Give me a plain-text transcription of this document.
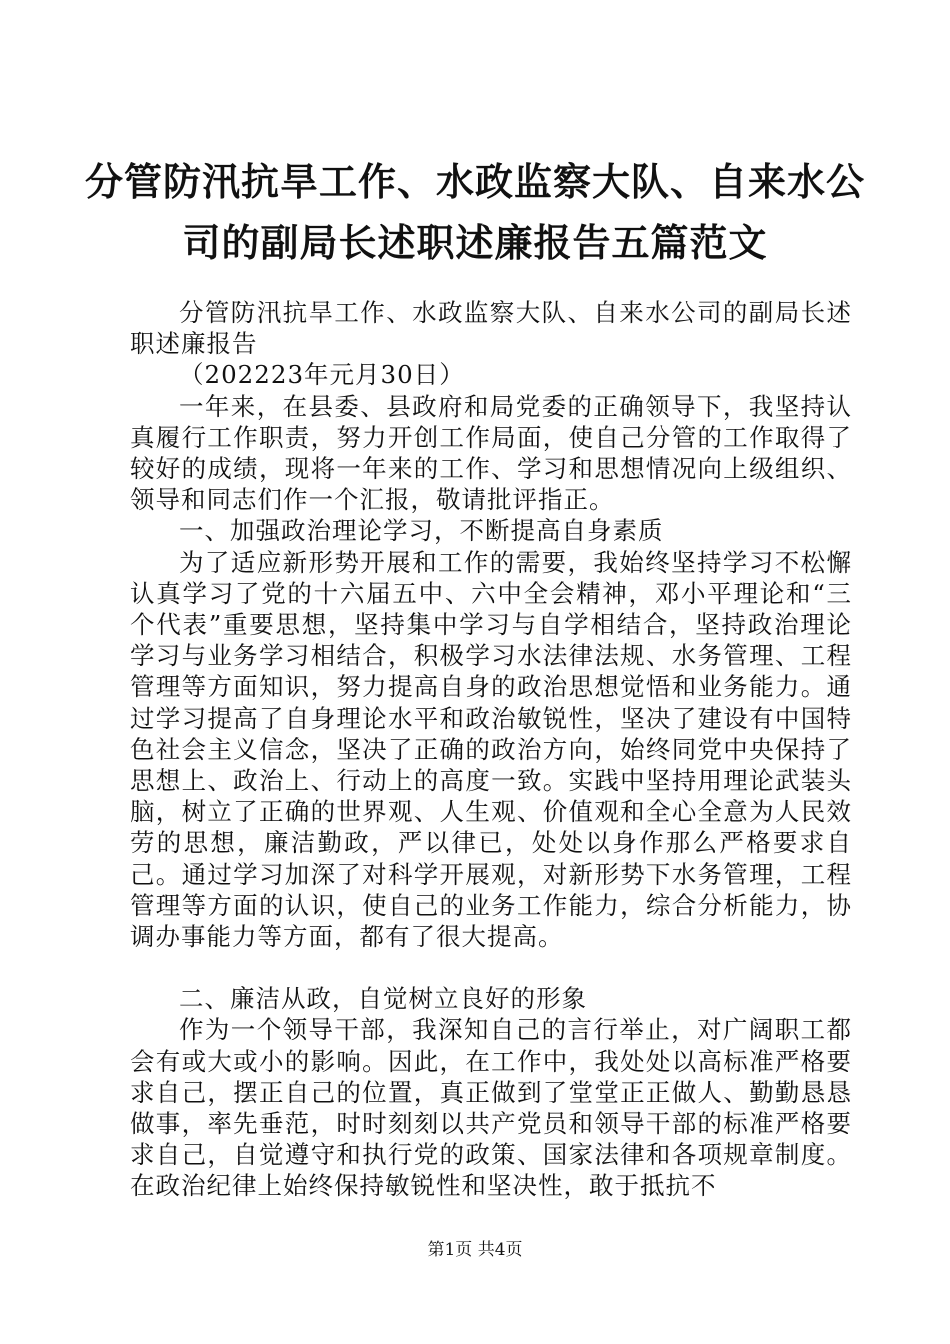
分管防汛抗旱工作、水政监察大队、自来水公
司的副局长述职述廉报告五篇范文

分管防汛抗旱工作、水政监察大队、自来水公司的副局长述职述廉报告

（202223年元月30日）

一年来，在县委、县政府和局党委的正确领导下，我坚持认真履行工作职责，努力开创工作局面，使自己分管的工作取得了较好的成绩，现将一年来的工作、学习和思想情况向上级组织、领导和同志们作一个汇报，敬请批评指正。

一、加强政治理论学习，不断提高自身素质

为了适应新形势开展和工作的需要，我始终坚持学习不松懈认真学习了党的十六届五中、六中全会精神，邓小平理论和“三个代表”重要思想，坚持集中学习与自学相结合，坚持政治理论学习与业务学习相结合，积极学习水法律法规、水务管理、工程管理等方面知识，努力提高自身的政治思想觉悟和业务能力。通过学习提高了自身理论水平和政治敏锐性，坚决了建设有中国特色社会主义信念，坚决了正确的政治方向，始终同党中央保持了思想上、政治上、行动上的高度一致。实践中坚持用理论武装头脑，树立了正确的世界观、人生观、价值观和全心全意为人民效劳的思想，廉洁勤政，严以律已，处处以身作那么严格要求自己。通过学习加深了对科学开展观，对新形势下水务管理，工程管理等方面的认识，使自己的业务工作能力，综合分析能力，协调办事能力等方面，都有了很大提高。

二、廉洁从政，自觉树立良好的形象

作为一个领导干部，我深知自己的言行举止，对广阔职工都会有或大或小的影响。因此，在工作中，我处处以高标准严格要求自己，摆正自己的位置，真正做到了堂堂正正做人、勤勤恳恳做事，率先垂范，时时刻刻以共产党员和领导干部的标准严格要求自己，自觉遵守和执行党的政策、国家法律和各项规章制度。在政治纪律上始终保持敏锐性和坚决性，敢于抵抗不

第1页 共4页
